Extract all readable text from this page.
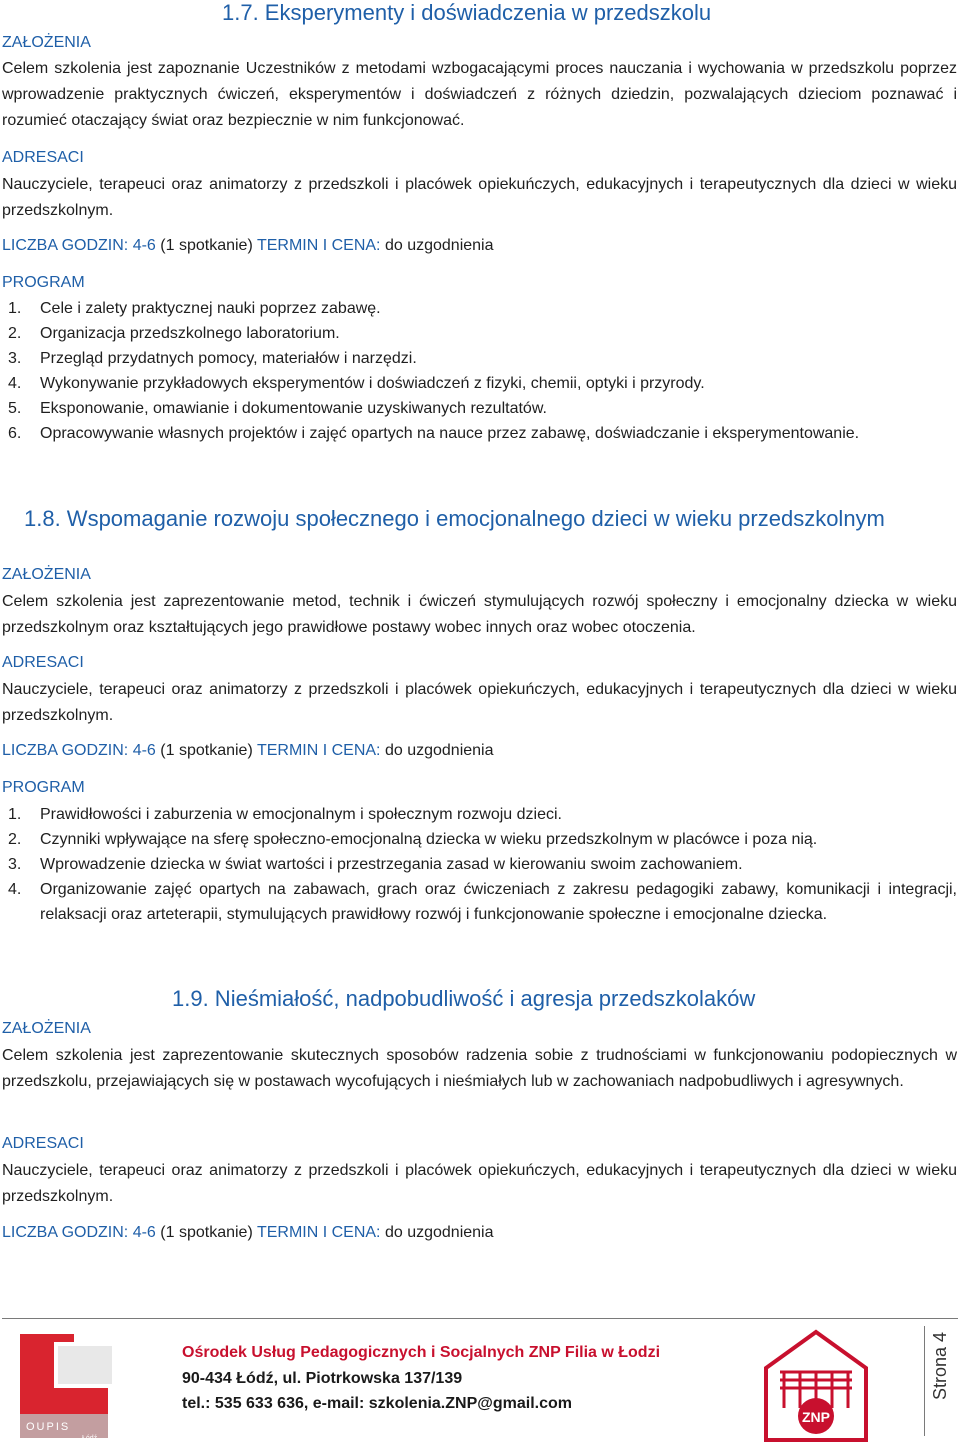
1.7. Eksperymenty i doświadczenia w przedszkolu
ZAŁOŻENIA
Celem szkolenia jest zapoznanie Uczestników z metodami wzbogacającymi proces nauczania i wychowania w przedszkolu poprzez wprowadzenie praktycznych ćwiczeń, eksperymentów i doświadczeń z różnych dziedzin, pozwalających dzieciom poznawać i rozumieć otaczający świat oraz bezpiecznie w nim funkcjonować.
ADRESACI
Nauczyciele, terapeuci oraz animatorzy z przedszkoli i placówek opiekuńczych, edukacyjnych i terapeutycznych dla dzieci w wieku przedszkolnym.
LICZBA GODZIN: 4-6 (1 spotkanie) TERMIN I CENA: do uzgodnienia
PROGRAM
1. Cele i zalety praktycznej nauki poprzez zabawę.
2. Organizacja przedszkolnego laboratorium.
3. Przegląd przydatnych pomocy, materiałów i narzędzi.
4. Wykonywanie przykładowych eksperymentów i doświadczeń z fizyki, chemii, optyki i przyrody.
5. Eksponowanie, omawianie i dokumentowanie uzyskiwanych rezultatów.
6. Opracowywanie własnych projektów i zajęć opartych na nauce przez zabawę, doświadczanie i eksperymentowanie.
1.8. Wspomaganie rozwoju społecznego i emocjonalnego dzieci w wieku przedszkolnym
ZAŁOŻENIA
Celem szkolenia jest zaprezentowanie metod, technik i ćwiczeń stymulujących rozwój społeczny i emocjonalny dziecka w wieku przedszkolnym oraz kształtujących jego prawidłowe postawy wobec innych oraz wobec otoczenia.
ADRESACI
Nauczyciele, terapeuci oraz animatorzy z przedszkoli i placówek opiekuńczych, edukacyjnych i terapeutycznych dla dzieci w wieku przedszkolnym.
LICZBA GODZIN: 4-6 (1 spotkanie) TERMIN I CENA: do uzgodnienia
PROGRAM
1. Prawidłowości i zaburzenia w emocjonalnym i społecznym rozwoju dzieci.
2. Czynniki wpływające na sferę społeczno-emocjonalną dziecka w wieku przedszkolnym w placówce i poza nią.
3. Wprowadzenie dziecka w świat wartości i przestrzegania zasad w kierowaniu swoim zachowaniem.
4. Organizowanie zajęć opartych na zabawach, grach oraz ćwiczeniach z zakresu pedagogiki zabawy, komunikacji i integracji, relaksacji oraz arteterapii, stymulujących prawidłowy rozwój i funkcjonowanie społeczne i emocjonalne dziecka.
1.9. Nieśmiałość, nadpobudliwość i agresja przedszkolaków
ZAŁOŻENIA
Celem szkolenia jest zaprezentowanie skutecznych sposobów radzenia sobie z trudnościami w funkcjonowaniu podopiecznych w przedszkolu, przejawiających się w postawach wycofujących i nieśmiałych lub w zachowaniach nadpobudliwych i agresywnych.
ADRESACI
Nauczyciele, terapeuci oraz animatorzy z przedszkoli i placówek opiekuńczych, edukacyjnych i terapeutycznych dla dzieci w wieku przedszkolnym.
LICZBA GODZIN: 4-6 (1 spotkanie) TERMIN I CENA: do uzgodnienia
OUPIS
Łódź
Ośrodek Usług Pedagogicznych i Socjalnych ZNP Filia w Łodzi
90-434 Łódź, ul. Piotrkowska 137/139
tel.: 535 633 636, e-mail: szkolenia.ZNP@gmail.com
ZNP
Strona 4
